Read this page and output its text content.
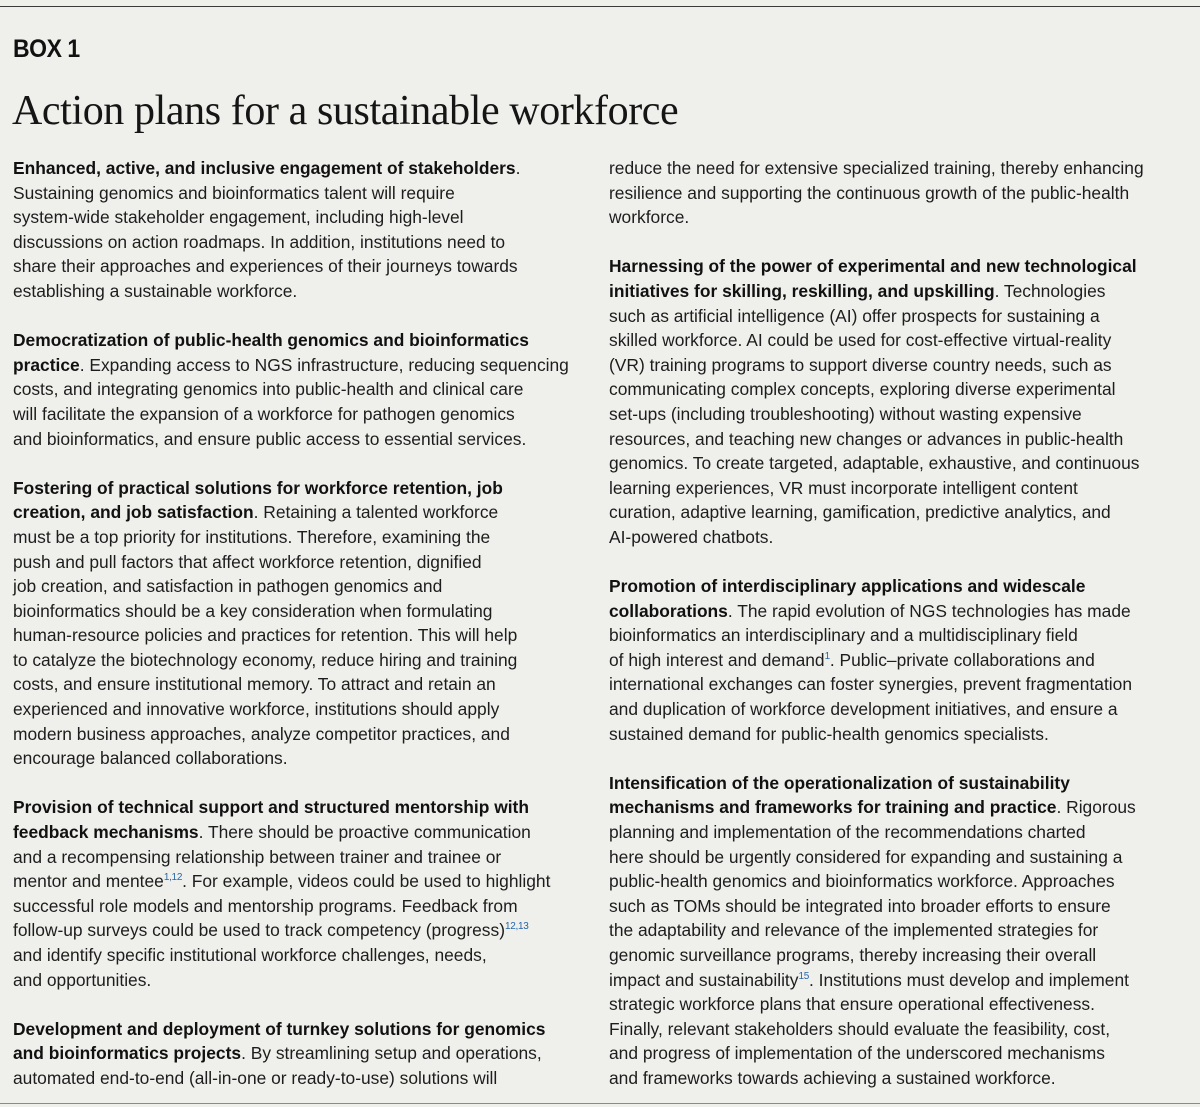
BOX 1
Action plans for a sustainable workforce
Enhanced, active, and inclusive engagement of stakeholders.
Sustaining genomics and bioinformatics talent will require
system-wide stakeholder engagement, including high-level
discussions on action roadmaps. In addition, institutions need to
share their approaches and experiences of their journeys towards
establishing a sustainable workforce.
Democratization of public-health genomics and bioinformatics
practice. Expanding access to NGS infrastructure, reducing sequencing
costs, and integrating genomics into public-health and clinical care
will facilitate the expansion of a workforce for pathogen genomics
and bioinformatics, and ensure public access to essential services.
Fostering of practical solutions for workforce retention, job
creation, and job satisfaction. Retaining a talented workforce
must be a top priority for institutions. Therefore, examining the
push and pull factors that affect workforce retention, dignified
job creation, and satisfaction in pathogen genomics and
bioinformatics should be a key consideration when formulating
human-resource policies and practices for retention. This will help
to catalyze the biotechnology economy, reduce hiring and training
costs, and ensure institutional memory. To attract and retain an
experienced and innovative workforce, institutions should apply
modern business approaches, analyze competitor practices, and
encourage balanced collaborations.
Provision of technical support and structured mentorship with
feedback mechanisms. There should be proactive communication
and a recompensing relationship between trainer and trainee or
mentor and mentee$^{1,12}$. For example, videos could be used to highlight
successful role models and mentorship programs. Feedback from
follow-up surveys could be used to track competency (progress)$^{12,13}$
and identify specific institutional workforce challenges, needs,
and opportunities.
Development and deployment of turnkey solutions for genomics
and bioinformatics projects. By streamlining setup and operations,
automated end-to-end (all-in-one or ready-to-use) solutions will
reduce the need for extensive specialized training, thereby enhancing
resilience and supporting the continuous growth of the public-health
workforce.
Harnessing of the power of experimental and new technological
initiatives for skilling, reskilling, and upskilling. Technologies
such as artificial intelligence (AI) offer prospects for sustaining a
skilled workforce. AI could be used for cost-effective virtual-reality
(VR) training programs to support diverse country needs, such as
communicating complex concepts, exploring diverse experimental
set-ups (including troubleshooting) without wasting expensive
resources, and teaching new changes or advances in public-health
genomics. To create targeted, adaptable, exhaustive, and continuous
learning experiences, VR must incorporate intelligent content
curation, adaptive learning, gamification, predictive analytics, and
AI-powered chatbots.
Promotion of interdisciplinary applications and widescale
collaborations. The rapid evolution of NGS technologies has made
bioinformatics an interdisciplinary and a multidisciplinary field
of high interest and demand$^1$. Public–private collaborations and
international exchanges can foster synergies, prevent fragmentation
and duplication of workforce development initiatives, and ensure a
sustained demand for public-health genomics specialists.
Intensification of the operationalization of sustainability
mechanisms and frameworks for training and practice. Rigorous
planning and implementation of the recommendations charted
here should be urgently considered for expanding and sustaining a
public-health genomics and bioinformatics workforce. Approaches
such as TOMs should be integrated into broader efforts to ensure
the adaptability and relevance of the implemented strategies for
genomic surveillance programs, thereby increasing their overall
impact and sustainability$^{15}$. Institutions must develop and implement
strategic workforce plans that ensure operational effectiveness.
Finally, relevant stakeholders should evaluate the feasibility, cost,
and progress of implementation of the underscored mechanisms
and frameworks towards achieving a sustained workforce.
